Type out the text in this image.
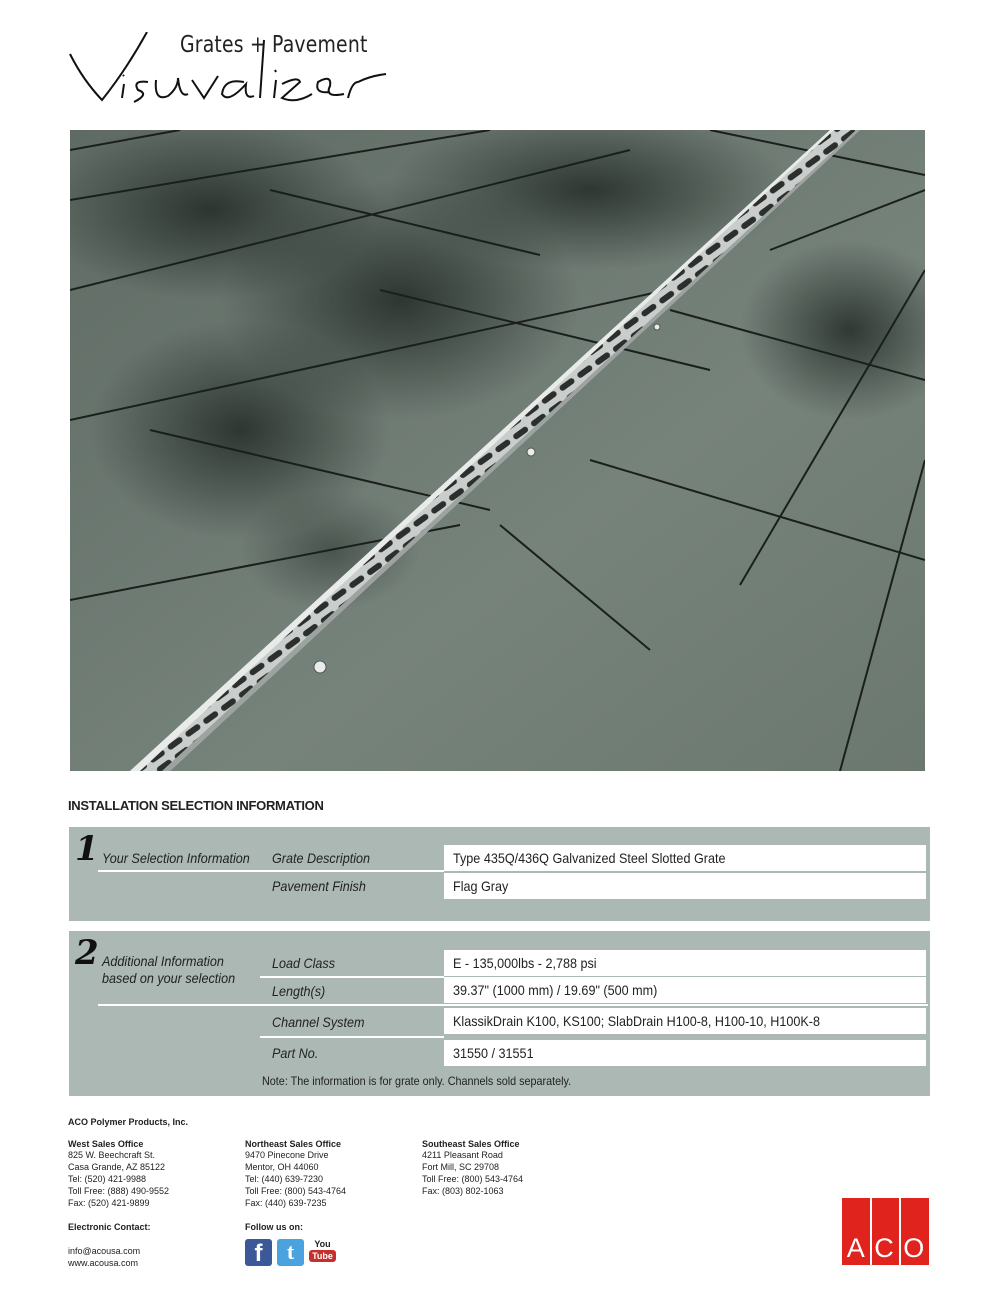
Grates + Pavement
INSTALLATION SELECTION INFORMATION
1 Your Selection Information Grate Description	Type 435Q/436Q Galvanized Steel Slotted Grate
Pavement Finish	Flag Gray
2 Additional Information
based on your selection
Load Class	E - 135,000lbs - 2,788 psi
Length(s)	39.37" (1000 mm) / 19.69" (500 mm)
Channel System	KlassikDrain K100, KS100; SlabDrain H100-8, H100-10, H100K-8
Part No.	31550 / 31551
Note: The information is for grate only. Channels sold separately.
ACO Polymer Products, Inc.
West Sales Office
825 W. Beechcraft St.
Casa Grande, AZ 85122
Tel: (520) 421-9988
Toll Free: (888) 490-9552
Fax: (520) 421-9899
Northeast Sales Office
9470 Pinecone Drive
Mentor, OH 44060
Tel: (440) 639-7230
Toll Free: (800) 543-4764
Fax: (440) 639-7235
Southeast Sales Office
4211 Pleasant Road
Fort Mill, SC 29708
Toll Free: (800) 543-4764
Fax: (803) 802-1063
Electronic Contact:
info@acousa.com
www.acousa.com
Follow us on:
f	t	You
Tube	A C O
